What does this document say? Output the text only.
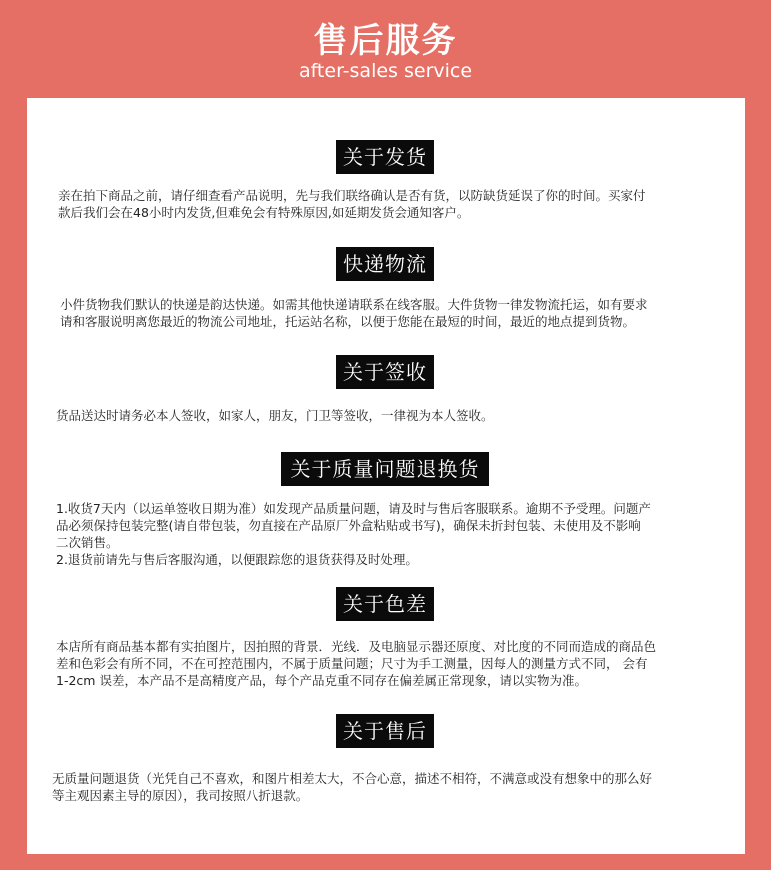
售后服务
after-sales service
关于发货

亲在拍下商品之前，请仔细查看产品说明，先与我们联络确认是否有货，以防缺货延误了你的时间。买家付

款后我们会在48小时内发货,但难免会有特殊原因,如延期发货会通知客户。

快递物流

小件货物我们默认的快递是韵达快递。如需其他快递请联系在线客服。大件货物一律发物流托运，如有要求

请和客服说明离您最近的物流公司地址，托运站名称，以便于您能在最短的时间，最近的地点提到货物。

关于签收

货品送达时请务必本人签收，如家人，朋友，门卫等签收，一律视为本人签收。

关于质量问题退换货

1.收货7天内（以运单签收日期为准）如发现产品质量问题，请及时与售后客服联系。逾期不予受理。问题产

品必须保持包装完整(请自带包装，勿直接在产品原厂外盒粘贴或书写)，确保未折封包装、未使用及不影响

二次销售。

2.退货前请先与售后客服沟通，以便跟踪您的退货获得及时处理。

关于色差

本店所有商品基本都有实拍图片，因拍照的背景．光线．及电脑显示器还原度、对比度的不同而造成的商品色

差和色彩会有所不同，不在可控范围内，不属于质量问题；尺寸为手工测量，因每人的测量方式不同， 会有

1-2cm 误差，本产品不是高精度产品，每个产品克重不同存在偏差属正常现象，请以实物为准。

关于售后

无质量问题退货（光凭自己不喜欢，和图片相差太大，不合心意，描述不相符，不满意或没有想象中的那么好

等主观因素主导的原因），我司按照八折退款。
